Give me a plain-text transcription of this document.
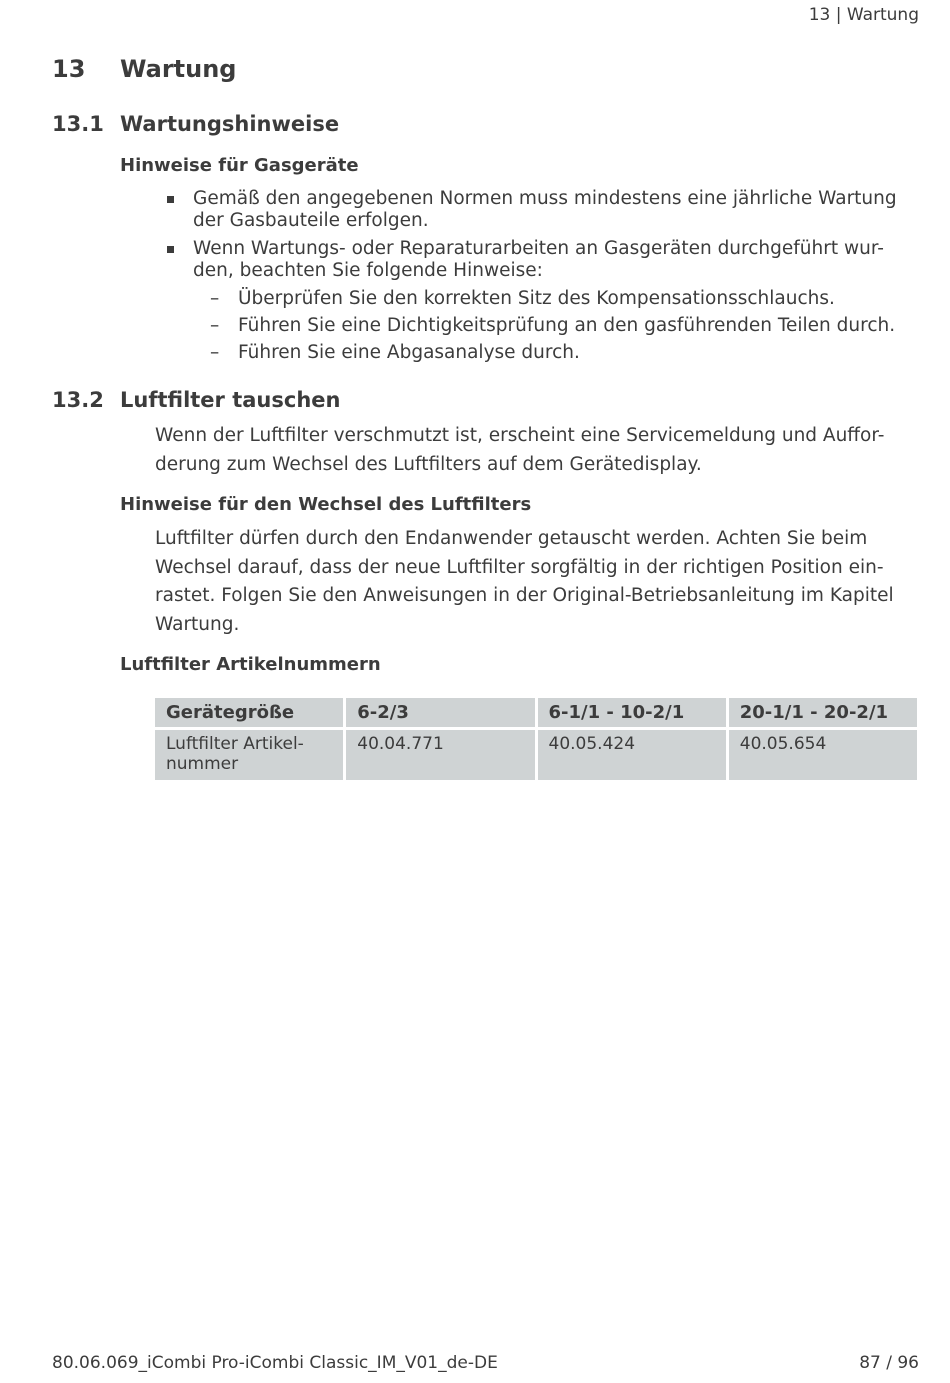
13 | Wartung
13 Wartung
13.1 Wartungshinweise
Hinweise für Gasgeräte
Gemäß den angegebenen Normen muss mindestens eine jährliche Wartung
der Gasbauteile erfolgen.
Wenn Wartungs- oder Reparaturarbeiten an Gasgeräten durchgeführt wur-
den, beachten Sie folgende Hinweise:
– Überprüfen Sie den korrekten Sitz des Kompensationsschlauchs.
– Führen Sie eine Dichtigkeitsprüfung an den gasführenden Teilen durch.
– Führen Sie eine Abgasanalyse durch.
13.2 Luftfilter tauschen
Wenn der Luftfilter verschmutzt ist, erscheint eine Servicemeldung und Auffor-
derung zum Wechsel des Luftfilters auf dem Gerätedisplay.
Hinweise für den Wechsel des Luftfilters
Luftfilter dürfen durch den Endanwender getauscht werden. Achten Sie beim
Wechsel darauf, dass der neue Luftfilter sorgfältig in der richtigen Position ein-
rastet. Folgen Sie den Anweisungen in der Original-Betriebsanleitung im Kapitel
Wartung.
Luftfilter Artikelnummern
Gerätegröße	6-2/3	6-1/1 - 10-2/1	20-1/1 - 20-2/1

Luftfilter Artikel-
nummer	40.04.771	40.05.424	40.05.654
80.06.069_iCombi Pro-iCombi Classic_IM_V01_de-DE	87 / 96
